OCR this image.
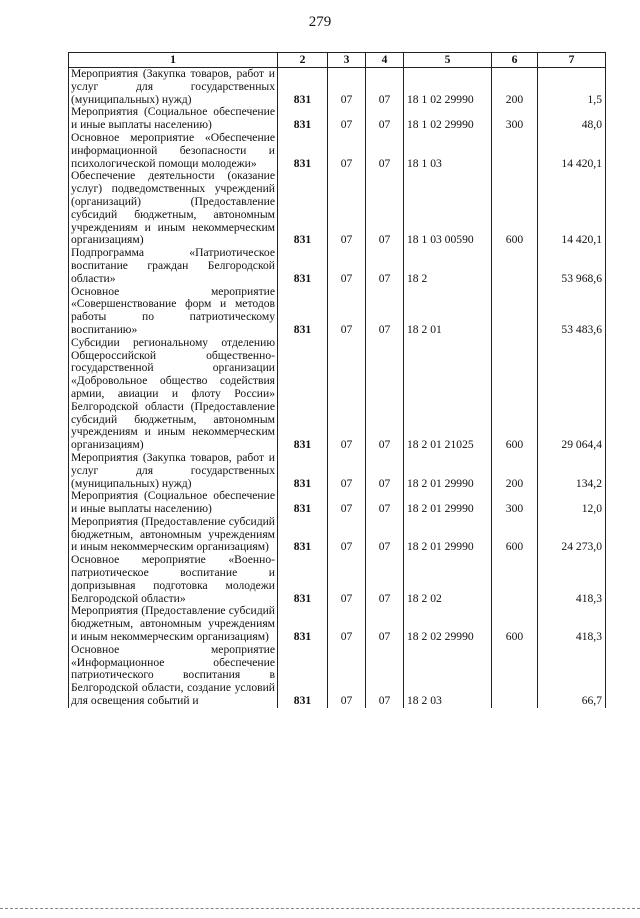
279
1	2	3	4	5	6	7
Мероприятия (Закупка товаров, работ и услуг для государственных (муниципальных) нужд)	831	07	07	18 1 02 29990	200	1,5
Мероприятия (Социальное обеспечение и иные выплаты населению)	831	07	07	18 1 02 29990	300	48,0
Основное мероприятие «Обеспечение информационной безопасности и психологической помощи молодежи»	831	07	07	18 1 03		14 420,1
Обеспечение деятельности (оказание услуг) подведомственных учреждений (организаций) (Предоставление субсидий бюджетным, автономным учреждениям и иным некоммерческим организациям)	831	07	07	18 1 03 00590	600	14 420,1
Подпрограмма «Патриотическое воспитание граждан Белгородской области»	831	07	07	18 2		53 968,6
Основное мероприятие «Совершенствование форм и методов работы по патриотическому воспитанию»	831	07	07	18 2 01		53 483,6
Субсидии региональному отделению Общероссийской общественно-государственной организации «Добровольное общество содействия армии, авиации и флоту России» Белгородской области (Предоставление субсидий бюджетным, автономным учреждениям и иным некоммерческим организациям)	831	07	07	18 2 01 21025	600	29 064,4
Мероприятия (Закупка товаров, работ и услуг для государственных (муниципальных) нужд)	831	07	07	18 2 01 29990	200	134,2
Мероприятия (Социальное обеспечение и иные выплаты населению)	831	07	07	18 2 01 29990	300	12,0
Мероприятия (Предоставление субсидий бюджетным, автономным учреждениям и иным некоммерческим организациям)	831	07	07	18 2 01 29990	600	24 273,0
Основное мероприятие «Военно-патриотическое воспитание и допризывная подготовка молодежи Белгородской области»	831	07	07	18 2 02		418,3
Мероприятия (Предоставление субсидий бюджетным, автономным учреждениям и иным некоммерческим организациям)	831	07	07	18 2 02 29990	600	418,3
Основное мероприятие «Информационное обеспечение патриотического воспитания в Белгородской области, создание условий для освещения событий и	831	07	07	18 2 03		66,7
